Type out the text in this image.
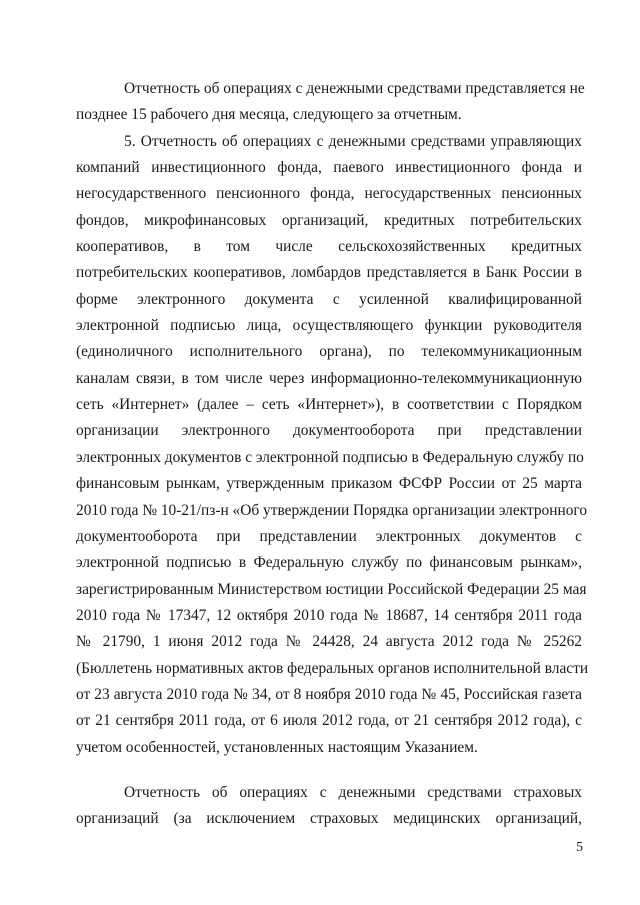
Отчетность об операциях с денежными средствами представляется не
позднее 15 рабочего дня месяца, следующего за отчетным.
5. Отчетность об операциях с денежными средствами управляющих
компаний инвестиционного фонда, паевого инвестиционного фонда и
негосударственного пенсионного фонда, негосударственных пенсионных
фондов, микрофинансовых организаций, кредитных потребительских
кооперативов, в том числе сельскохозяйственных кредитных
потребительских кооперативов, ломбардов представляется в Банк России в
форме электронного документа с усиленной квалифицированной
электронной подписью лица, осуществляющего функции руководителя
(единоличного исполнительного органа), по телекоммуникационным
каналам связи, в том числе через информационно-телекоммуникационную
сеть «Интернет» (далее – сеть «Интернет»), в соответствии с Порядком
организации электронного документооборота при представлении
электронных документов с электронной подписью в Федеральную службу по
финансовым рынкам, утвержденным приказом ФСФР России от 25 марта
2010 года № 10-21/пз-н «Об утверждении Порядка организации электронного
документооборота при представлении электронных документов с
электронной подписью в Федеральную службу по финансовым рынкам»,
зарегистрированным Министерством юстиции Российской Федерации 25 мая
2010 года № 17347, 12 октября 2010 года № 18687, 14 сентября 2011 года
№ 21790, 1 июня 2012 года № 24428, 24 августа 2012 года № 25262
(Бюллетень нормативных актов федеральных органов исполнительной власти
от 23 августа 2010 года № 34, от 8 ноября 2010 года № 45, Российская газета
от 21 сентября 2011 года, от 6 июля 2012 года, от 21 сентября 2012 года), с
учетом особенностей, установленных настоящим Указанием.
Отчетность об операциях с денежными средствами страховых
организаций (за исключением страховых медицинских организаций,
5
